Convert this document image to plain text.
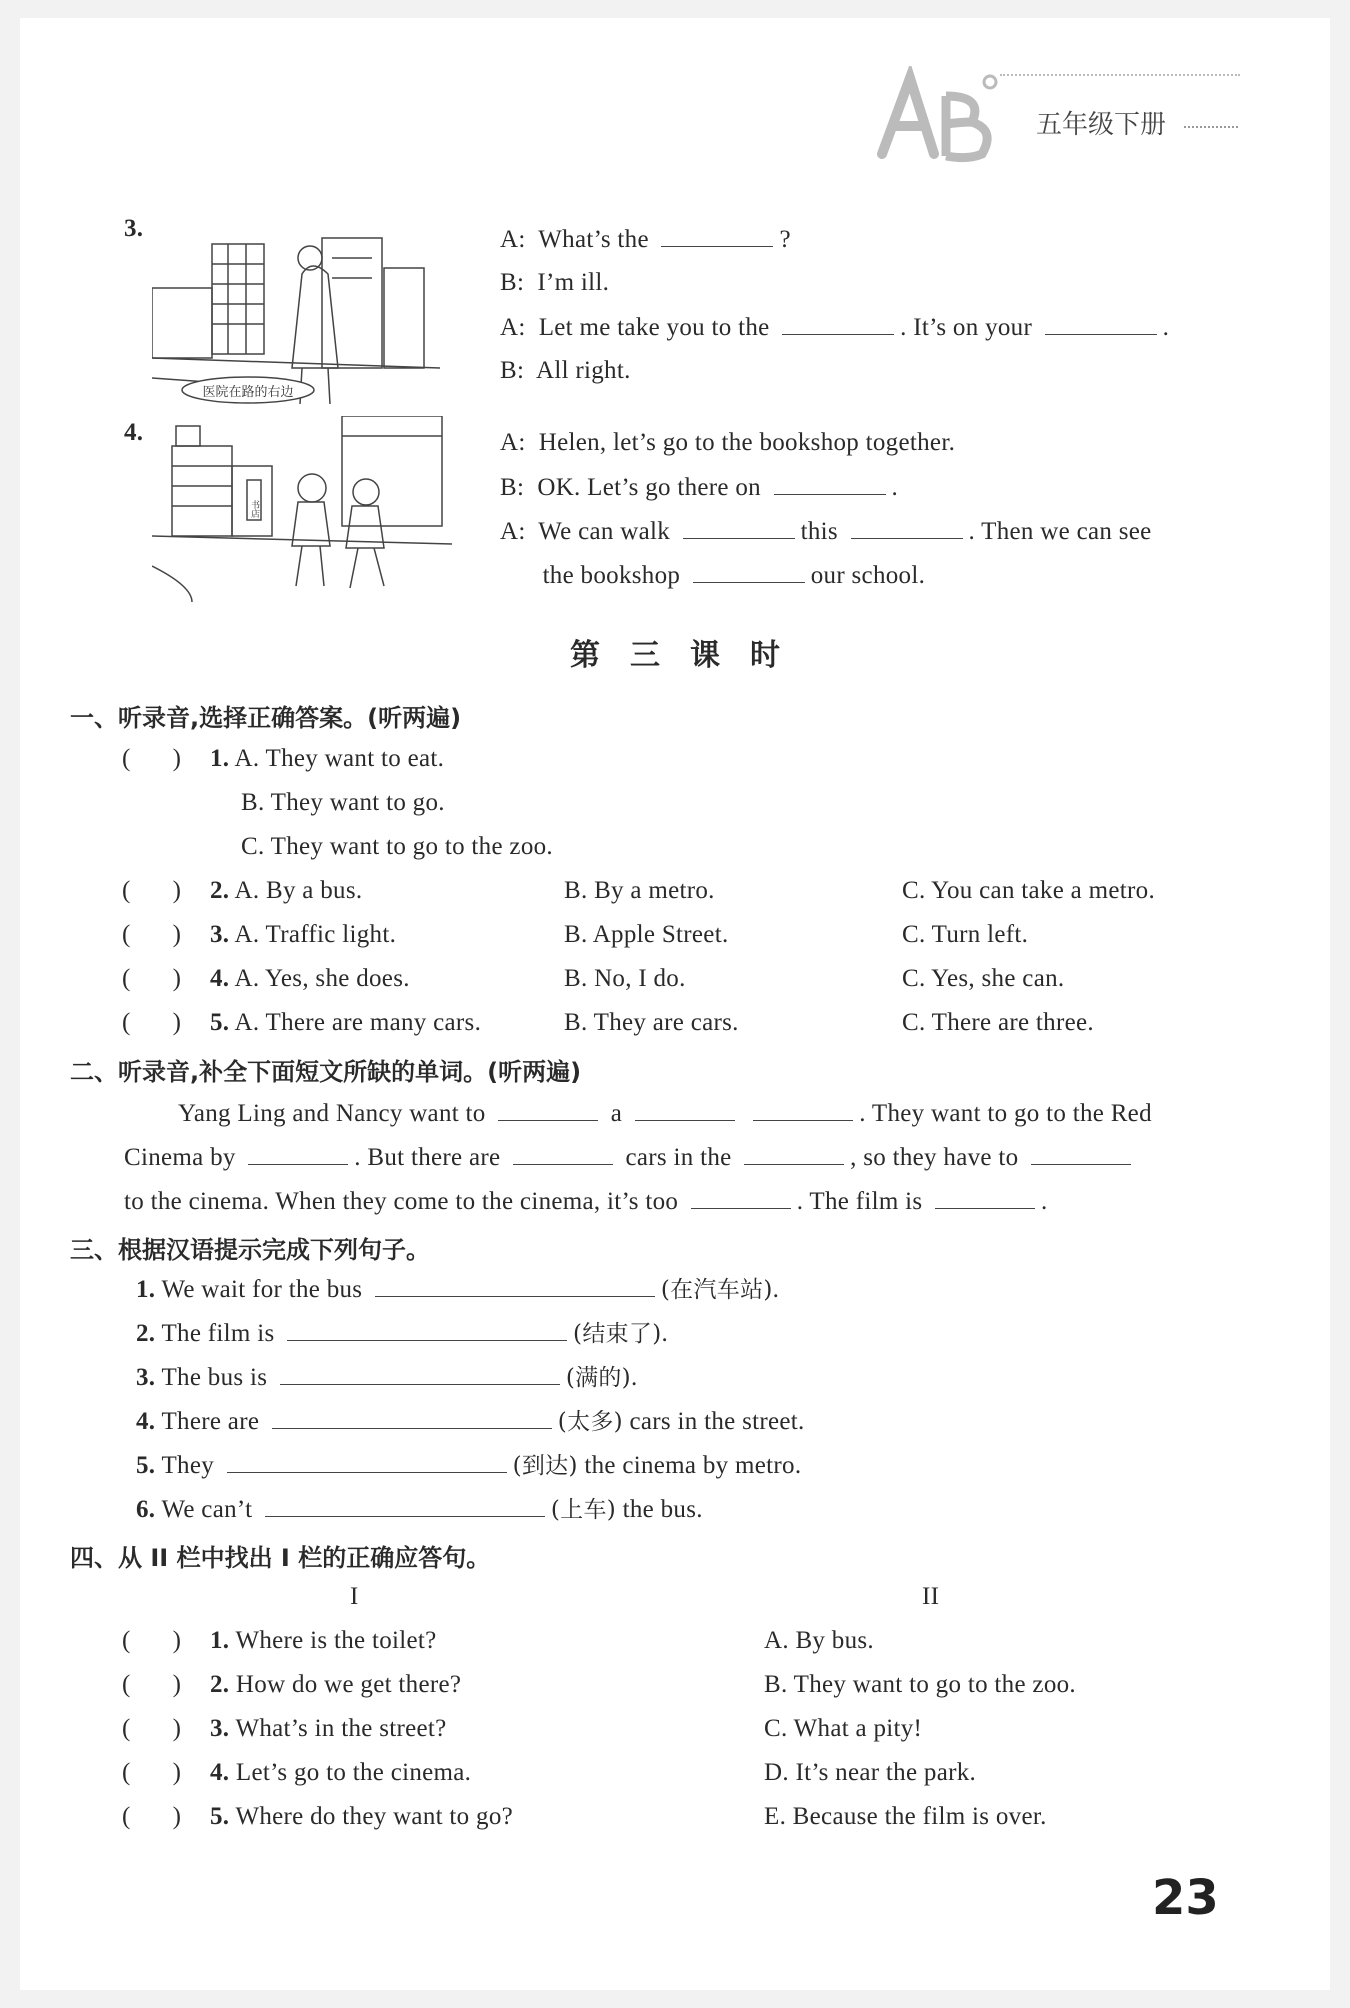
五年级下册
3.
医院在路的右边
A: What’s the	?
B: I’m ill.
A: Let me take you to the	. It’s on your	.
B: All right.
4.
书店
A: Helen, let’s go to the bookshop together.
B: OK. Let’s go there on	.
A: We can walk	this	. Then we can see
the bookshop	our school.
第　三　课　时
一、听录音,选择正确答案。(听两遍)
( ) 1. A. They want to eat.
B. They want to go.
C. They want to go to the zoo.
( ) 2. A. By a bus.	B. By a metro.	C. You can take a metro.
( ) 3. A. Traffic light.	B. Apple Street.	C. Turn left.
( ) 4. A. Yes, she does.	B. No, I do.	C. Yes, she can.
( ) 5. A. There are many cars.	B. They are cars.	C. There are three.
二、听录音,补全下面短文所缺的单词。(听两遍)
Yang Ling and Nancy want to	a	. They want to go to the Red
Cinema by	. But there are	cars in the	, so they have to
to the cinema. When they come to the cinema, it’s too	. The film is	.
三、根据汉语提示完成下列句子。
1. We wait for the bus	(在汽车站).
2. The film is	(结束了).
3. The bus is	(满的).
4. There are	(太多) cars in the street.
5. They	(到达) the cinema by metro.
6. We can’t	(上车) the bus.
四、从 II 栏中找出 I 栏的正确应答句。
I	II
( ) 1. Where is the toilet?	A. By bus.
( ) 2. How do we get there?	B. They want to go to the zoo.
( ) 3. What’s in the street?	C. What a pity!
( ) 4. Let’s go to the cinema.	D. It’s near the park.
( ) 5. Where do they want to go?	E. Because the film is over.
23
